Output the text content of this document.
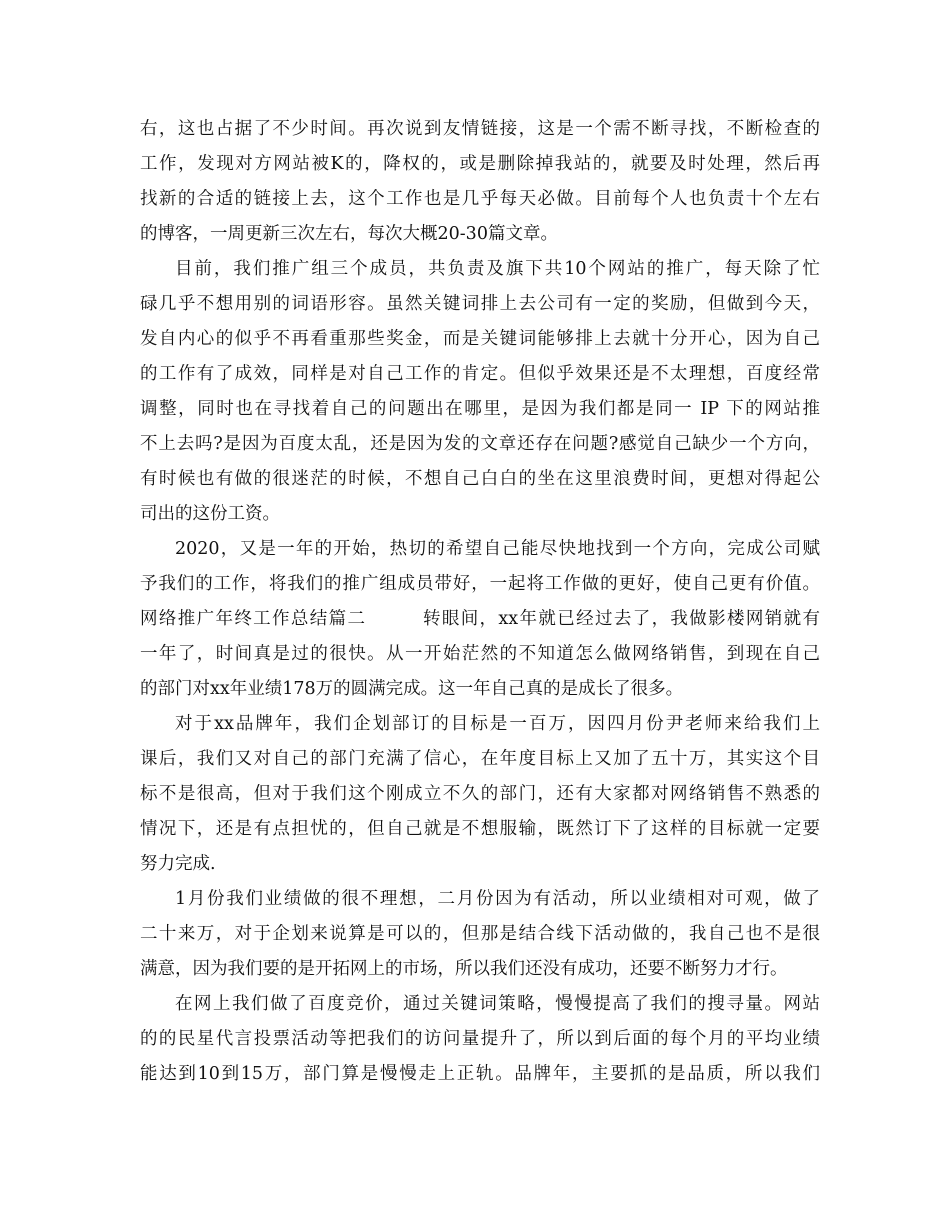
右，这也占据了不少时间。再次说到友情链接，这是一个需不断寻找，不断检查的
工作，发现对方网站被K的，降权的，或是删除掉我站的，就要及时处理，然后再
找新的合适的链接上去，这个工作也是几乎每天必做。目前每个人也负责十个左右
的博客，一周更新三次左右，每次大概20-30篇文章。
目前，我们推广组三个成员，共负责及旗下共10个网站的推广，每天除了忙
碌几乎不想用别的词语形容。虽然关键词排上去公司有一定的奖励，但做到今天，
发自内心的似乎不再看重那些奖金，而是关键词能够排上去就十分开心，因为自己
的工作有了成效，同样是对自己工作的肯定。但似乎效果还是不太理想，百度经常
调整，同时也在寻找着自己的问题出在哪里，是因为我们都是同一 IP 下的网站推
不上去吗?是因为百度太乱，还是因为发的文章还存在问题?感觉自己缺少一个方向，
有时候也有做的很迷茫的时候，不想自己白白的坐在这里浪费时间，更想对得起公
司出的这份工资。
2020，又是一年的开始，热切的希望自己能尽快地找到一个方向，完成公司赋
予我们的工作，将我们的推广组成员带好，一起将工作做的更好，使自己更有价值。
网络推广年终工作总结篇二　　　转眼间，xx年就已经过去了，我做影楼网销就有
一年了，时间真是过的很快。从一开始茫然的不知道怎么做网络销售，到现在自己
的部门对xx年业绩178万的圆满完成。这一年自己真的是成长了很多。
对于xx品牌年，我们企划部订的目标是一百万，因四月份尹老师来给我们上
课后，我们又对自己的部门充满了信心，在年度目标上又加了五十万，其实这个目
标不是很高，但对于我们这个刚成立不久的部门，还有大家都对网络销售不熟悉的
情况下，还是有点担忧的，但自己就是不想服输，既然订下了这样的目标就一定要
努力完成.
1月份我们业绩做的很不理想，二月份因为有活动，所以业绩相对可观，做了
二十来万，对于企划来说算是可以的，但那是结合线下活动做的，我自己也不是很
满意，因为我们要的是开拓网上的市场，所以我们还没有成功，还要不断努力才行。
在网上我们做了百度竞价，通过关键词策略，慢慢提高了我们的搜寻量。网站
的的民星代言投票活动等把我们的访问量提升了，所以到后面的每个月的平均业绩
能达到10到15万，部门算是慢慢走上正轨。品牌年，主要抓的是品质，所以我们
